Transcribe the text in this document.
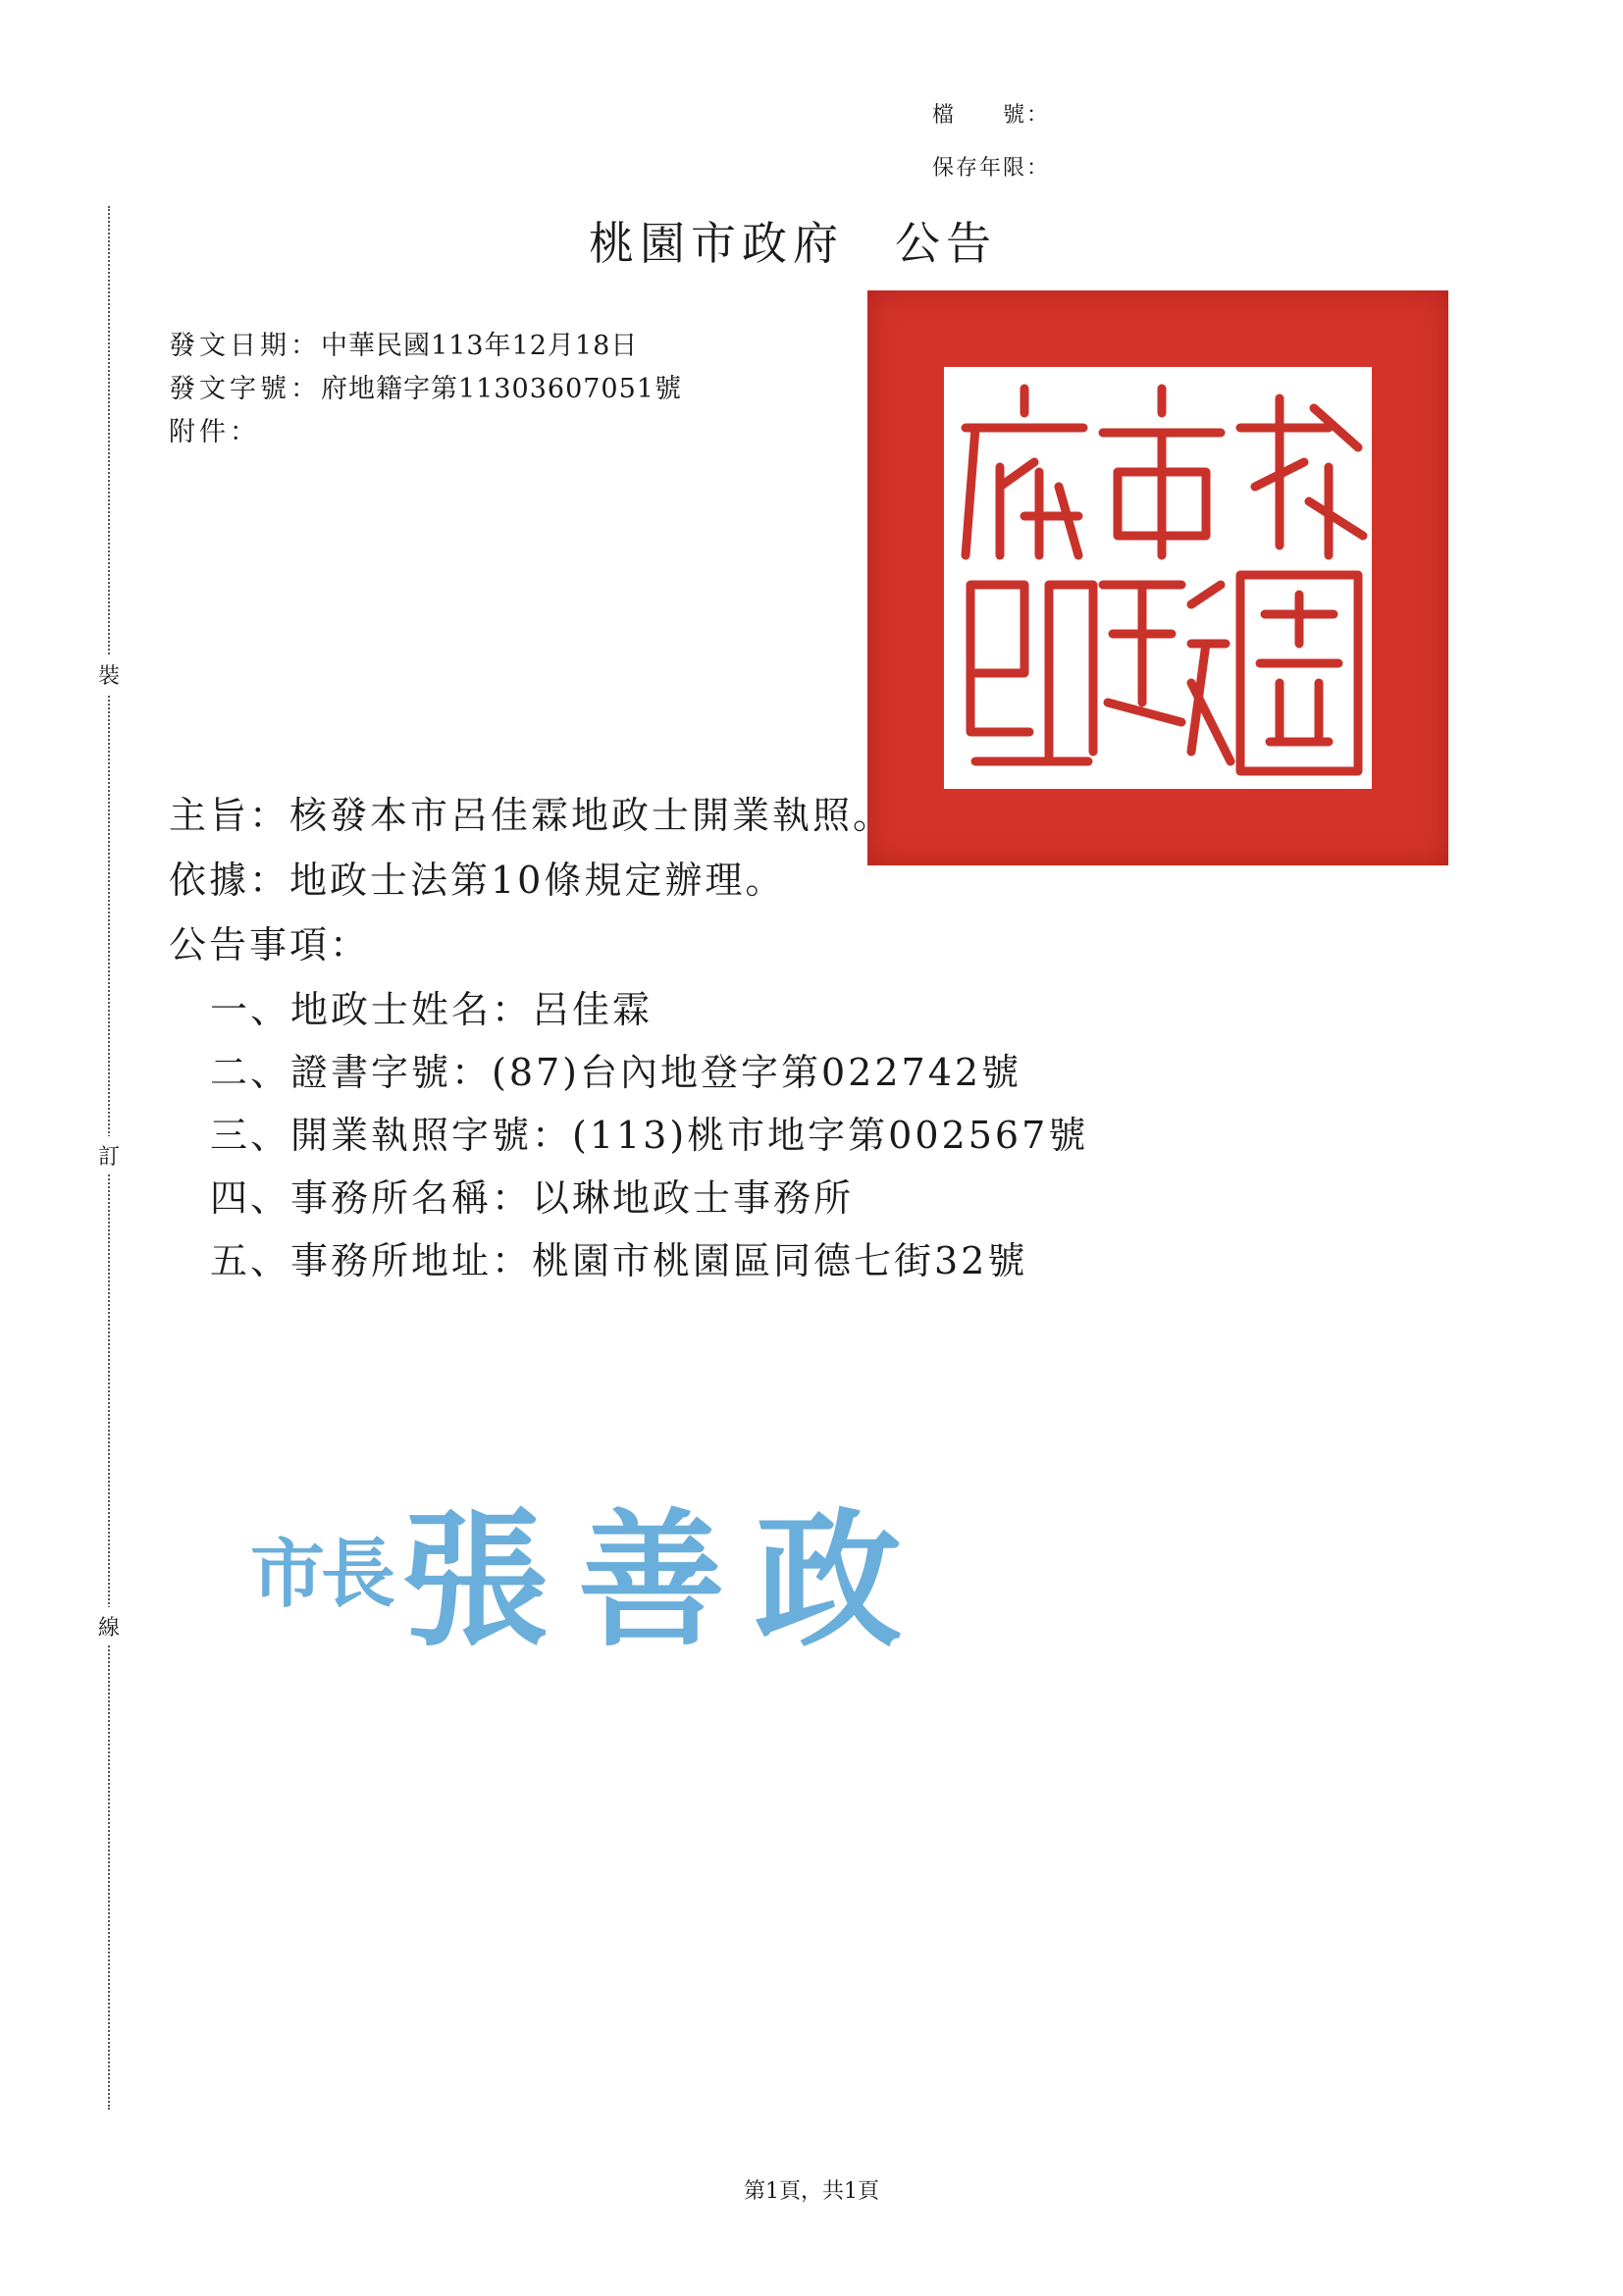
裝
訂
線
檔　　號：
保存年限：
桃園市政府　公告
發文日期：中華民國113年12月18日
發文字號：府地籍字第11303607051號
附件：
主旨：核發本市呂佳霖地政士開業執照。
依據：地政士法第10條規定辦理。
公告事項：
一、地政士姓名：呂佳霖
二、證書字號：(87)台內地登字第022742號
三、開業執照字號：(113)桃市地字第002567號
四、事務所名稱：以琳地政士事務所
五、事務所地址：桃園市桃園區同德七街32號
市長張善政
第1頁，共1頁
